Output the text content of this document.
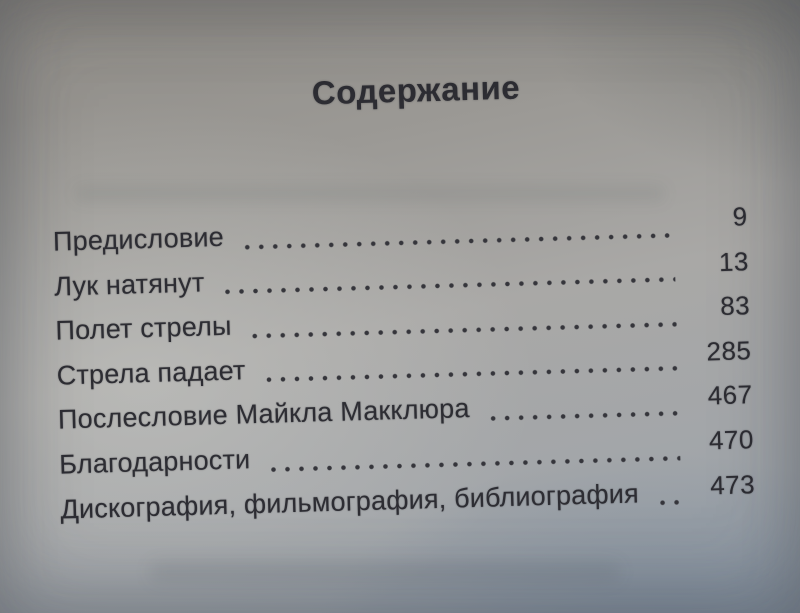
Содержание
Предисловие
9
Лук натянут
13
Полет стрелы
83
Стрела падает
285
Послесловие Майкла Макклюра	467
Благодарности
470
Дискография, фильмография, библиография	473
